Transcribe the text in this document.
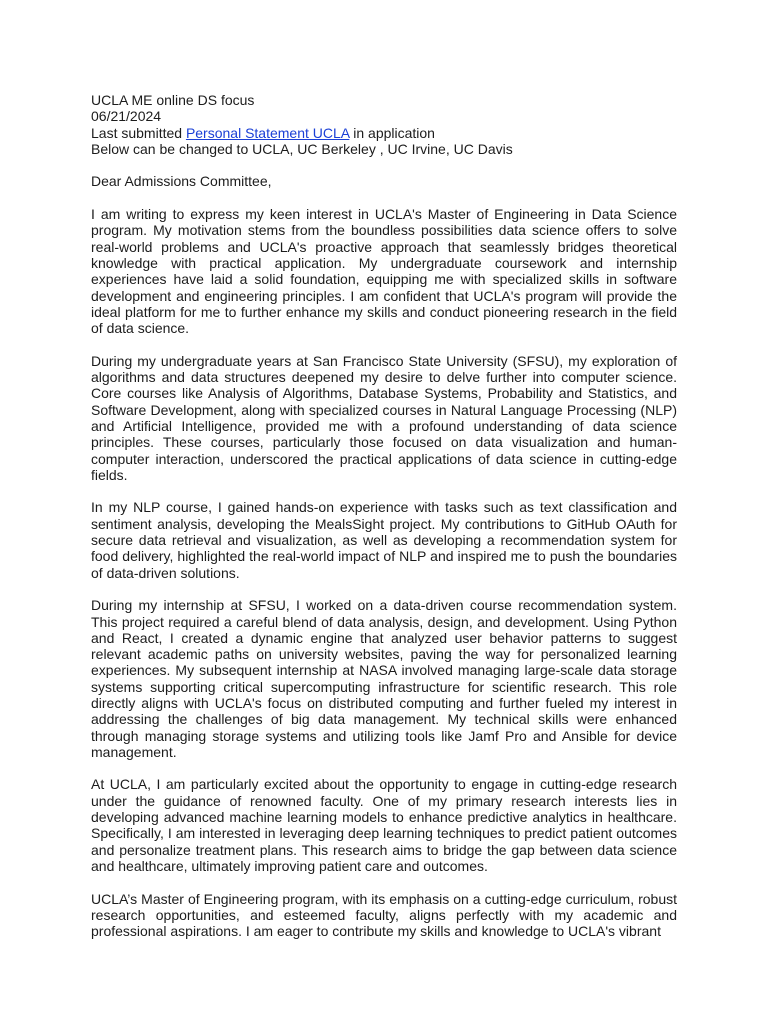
UCLA ME online DS focus
06/21/2024
Last submitted Personal Statement UCLA in application
Below can be changed to UCLA, UC Berkeley , UC Irvine, UC Davis
Dear Admissions Committee,

I am writing to express my keen interest in UCLA's Master of Engineering in Data Science program. My motivation stems from the boundless possibilities data science offers to solve real-world problems and UCLA's proactive approach that seamlessly bridges theoretical knowledge with practical application. My undergraduate coursework and internship experiences have laid a solid foundation, equipping me with specialized skills in software development and engineering principles. I am confident that UCLA's program will provide the ideal platform for me to further enhance my skills and conduct pioneering research in the field of data science.

During my undergraduate years at San Francisco State University (SFSU), my exploration of algorithms and data structures deepened my desire to delve further into computer science. Core courses like Analysis of Algorithms, Database Systems, Probability and Statistics, and Software Development, along with specialized courses in Natural Language Processing (NLP) and Artificial Intelligence, provided me with a profound understanding of data science principles. These courses, particularly those focused on data visualization and human-computer interaction, underscored the practical applications of data science in cutting-edge fields.

In my NLP course, I gained hands-on experience with tasks such as text classification and sentiment analysis, developing the MealsSight project. My contributions to GitHub OAuth for secure data retrieval and visualization, as well as developing a recommendation system for food delivery, highlighted the real-world impact of NLP and inspired me to push the boundaries of data-driven solutions.

During my internship at SFSU, I worked on a data-driven course recommendation system. This project required a careful blend of data analysis, design, and development. Using Python and React, I created a dynamic engine that analyzed user behavior patterns to suggest relevant academic paths on university websites, paving the way for personalized learning experiences. My subsequent internship at NASA involved managing large-scale data storage systems supporting critical supercomputing infrastructure for scientific research. This role directly aligns with UCLA's focus on distributed computing and further fueled my interest in addressing the challenges of big data management. My technical skills were enhanced through managing storage systems and utilizing tools like Jamf Pro and Ansible for device management.

At UCLA, I am particularly excited about the opportunity to engage in cutting-edge research under the guidance of renowned faculty. One of my primary research interests lies in developing advanced machine learning models to enhance predictive analytics in healthcare. Specifically, I am interested in leveraging deep learning techniques to predict patient outcomes and personalize treatment plans. This research aims to bridge the gap between data science and healthcare, ultimately improving patient care and outcomes.

UCLA’s Master of Engineering program, with its emphasis on a cutting-edge curriculum, robust research opportunities, and esteemed faculty, aligns perfectly with my academic and professional aspirations. I am eager to contribute my skills and knowledge to UCLA's vibrant
